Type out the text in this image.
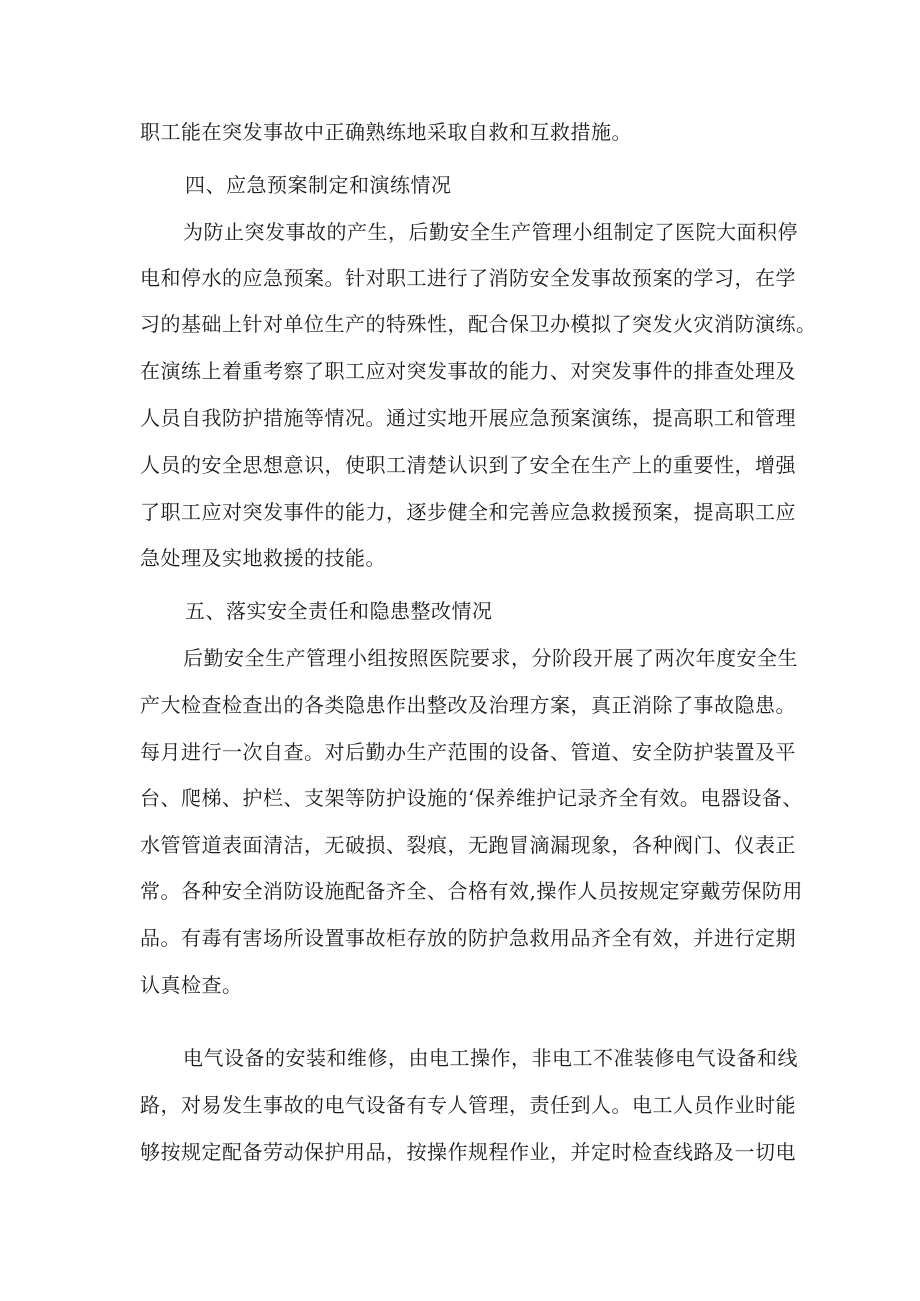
职工能在突发事故中正确熟练地采取自救和互救措施。
四、应急预案制定和演练情况
为防止突发事故的产生，后勤安全生产管理小组制定了医院大面积停
电和停水的应急预案。针对职工进行了消防安全发事故预案的学习，在学
习的基础上针对单位生产的特殊性，配合保卫办模拟了突发火灾消防演练。
在演练上着重考察了职工应对突发事故的能力、对突发事件的排查处理及
人员自我防护措施等情况。通过实地开展应急预案演练，提高职工和管理
人员的安全思想意识，使职工清楚认识到了安全在生产上的重要性，增强
了职工应对突发事件的能力，逐步健全和完善应急救援预案，提高职工应
急处理及实地救援的技能。
五、落实安全责任和隐患整改情况
后勤安全生产管理小组按照医院要求，分阶段开展了两次年度安全生
产大检查检查出的各类隐患作出整改及治理方案，真正消除了事故隐患。
每月进行一次自查。对后勤办生产范围的设备、管道、安全防护装置及平
台、爬梯、护栏、支架等防护设施的‘保养维护记录齐全有效。电器设备、
水管管道表面清洁，无破损、裂痕，无跑冒滴漏现象，各种阀门、仪表正
常。各种安全消防设施配备齐全、合格有效,操作人员按规定穿戴劳保防用
品。有毒有害场所设置事故柜存放的防护急救用品齐全有效，并进行定期
认真检查。
电气设备的安装和维修，由电工操作，非电工不准装修电气设备和线
路，对易发生事故的电气设备有专人管理，责任到人。电工人员作业时能
够按规定配备劳动保护用品，按操作规程作业，并定时检查线路及一切电
